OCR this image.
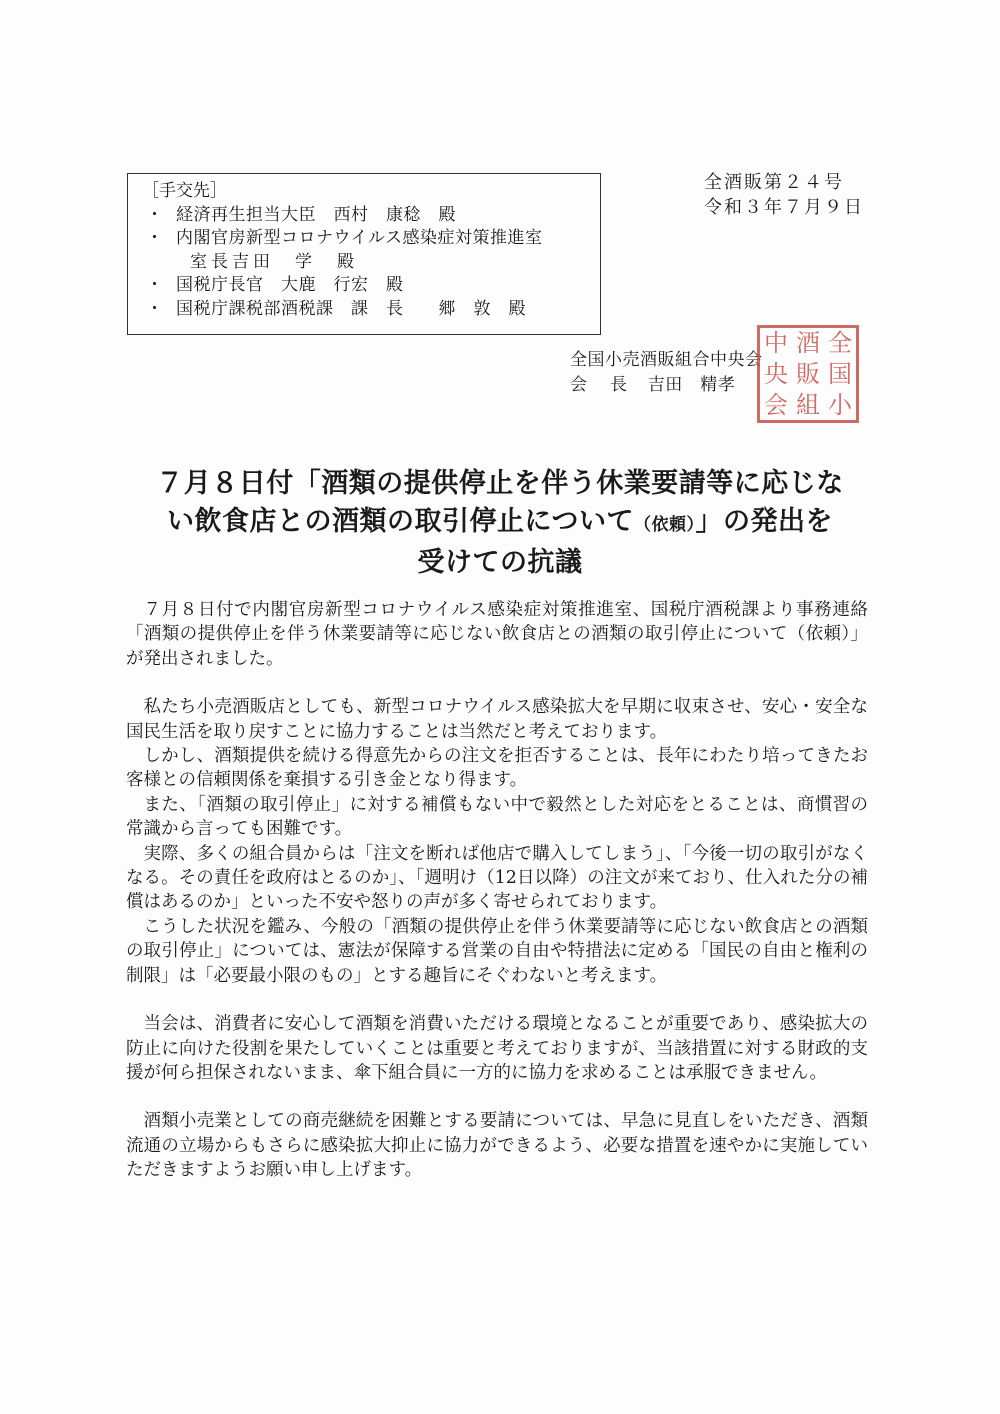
［手交先］
・ 経済再生担当大臣　西村　康稔　殿
・ 内閣官房新型コロナウイルス感染症対策推進室
室長吉田　学　殿
・ 国税庁長官　大鹿　行宏　殿
・ 国税庁課税部酒税課　課　長　　郷　敦　殿
全酒販第２４号
令和３年７月９日
全国小売酒販組合中央会
会　長 吉田　精孝
全
国
小
酒
販
組
中
央
会
７月８日付「酒類の提供停止を伴う休業要請等に応じな
い飲食店との酒類の取引停止について（依頼）」の発出を
受けての抗議

７月８日付で内閣官房新型コロナウイルス感染症対策推進室、国税庁酒税課より事務連絡「酒類の提供停止を伴う休業要請等に応じない飲食店との酒類の取引停止について（依頼）」が発出されました。

私たち小売酒販店としても、新型コロナウイルス感染拡大を早期に収束させ、安心・安全な国民生活を取り戻すことに協力することは当然だと考えております。

しかし、酒類提供を続ける得意先からの注文を拒否することは、長年にわたり培ってきたお客様との信頼関係を棄損する引き金となり得ます。

また、「酒類の取引停止」に対する補償もない中で毅然とした対応をとることは、商慣習の常識から言っても困難です。

実際、多くの組合員からは「注文を断れば他店で購入してしまう」、「今後一切の取引がなくなる。その責任を政府はとるのか」、「週明け（12日以降）の注文が来ており、仕入れた分の補償はあるのか」といった不安や怒りの声が多く寄せられております。

こうした状況を鑑み、今般の「酒類の提供停止を伴う休業要請等に応じない飲食店との酒類の取引停止」については、憲法が保障する営業の自由や特措法に定める「国民の自由と権利の制限」は「必要最小限のもの」とする趣旨にそぐわないと考えます。

当会は、消費者に安心して酒類を消費いただける環境となることが重要であり、感染拡大の防止に向けた役割を果たしていくことは重要と考えておりますが、当該措置に対する財政的支援が何ら担保されないまま、傘下組合員に一方的に協力を求めることは承服できません。

酒類小売業としての商売継続を困難とする要請については、早急に見直しをいただき、酒類流通の立場からもさらに感染拡大抑止に協力ができるよう、必要な措置を速やかに実施していただきますようお願い申し上げます。
